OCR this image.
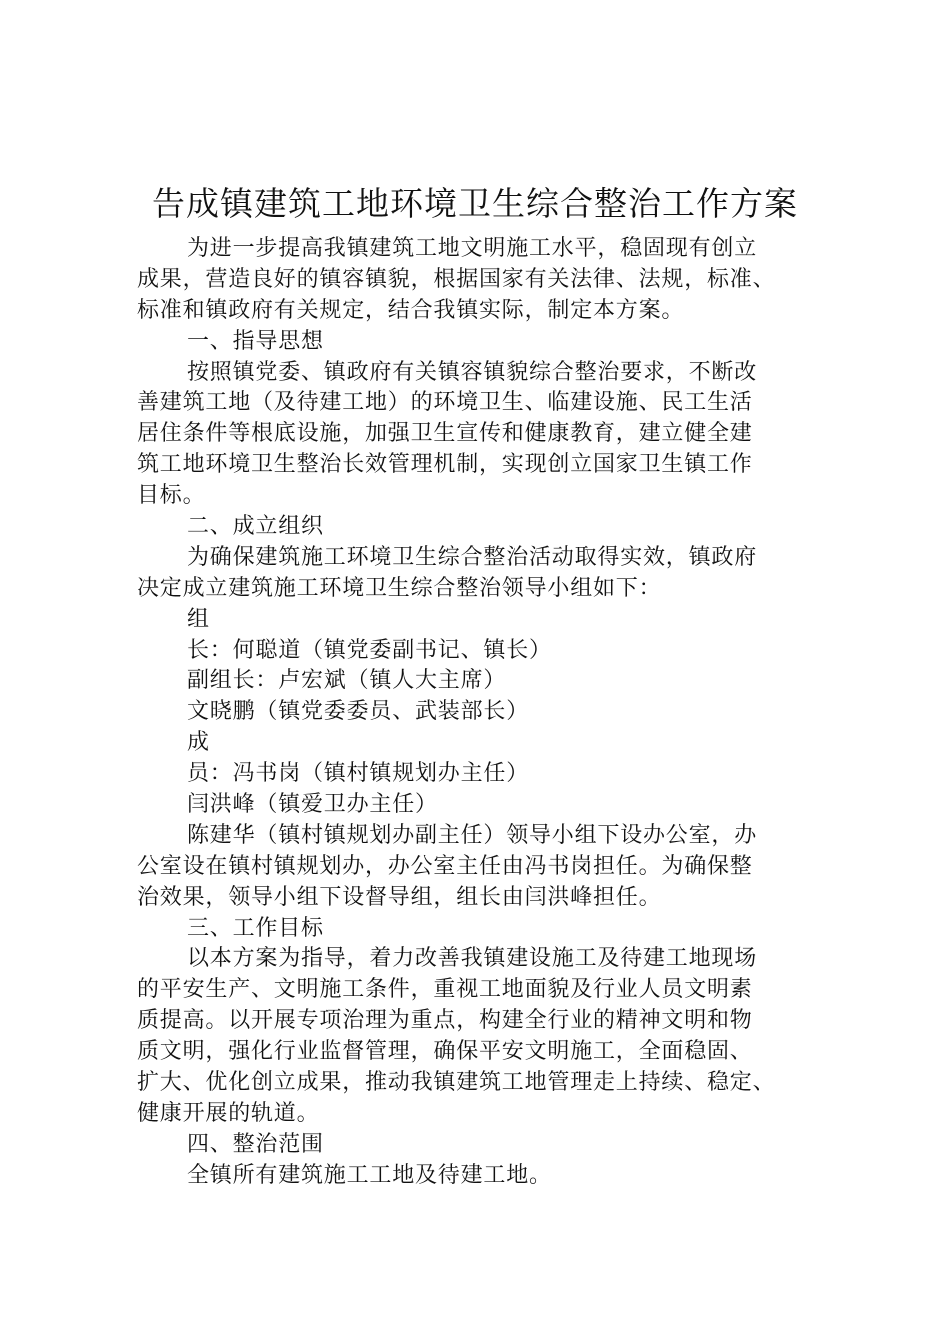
告成镇建筑工地环境卫生综合整治工作方案
为进一步提高我镇建筑工地文明施工水平，稳固现有创立
成果，营造良好的镇容镇貌，根据国家有关法律、法规，标准、
标准和镇政府有关规定，结合我镇实际，制定本方案。
一、指导思想
按照镇党委、镇政府有关镇容镇貌综合整治要求，不断改
善建筑工地（及待建工地）的环境卫生、临建设施、民工生活
居住条件等根底设施，加强卫生宣传和健康教育，建立健全建
筑工地环境卫生整治长效管理机制，实现创立国家卫生镇工作
目标。
二、成立组织
为确保建筑施工环境卫生综合整治活动取得实效，镇政府
决定成立建筑施工环境卫生综合整治领导小组如下：
组
长：何聪道（镇党委副书记、镇长）
副组长：卢宏斌（镇人大主席）
文晓鹏（镇党委委员、武装部长）
成
员：冯书岗（镇村镇规划办主任）
闫洪峰（镇爱卫办主任）
陈建华（镇村镇规划办副主任）领导小组下设办公室，办
公室设在镇村镇规划办，办公室主任由冯书岗担任。为确保整
治效果，领导小组下设督导组，组长由闫洪峰担任。
三、工作目标
以本方案为指导，着力改善我镇建设施工及待建工地现场
的平安生产、文明施工条件，重视工地面貌及行业人员文明素
质提高。以开展专项治理为重点，构建全行业的精神文明和物
质文明，强化行业监督管理，确保平安文明施工，全面稳固、
扩大、优化创立成果，推动我镇建筑工地管理走上持续、稳定、
健康开展的轨道。
四、整治范围
全镇所有建筑施工工地及待建工地。
